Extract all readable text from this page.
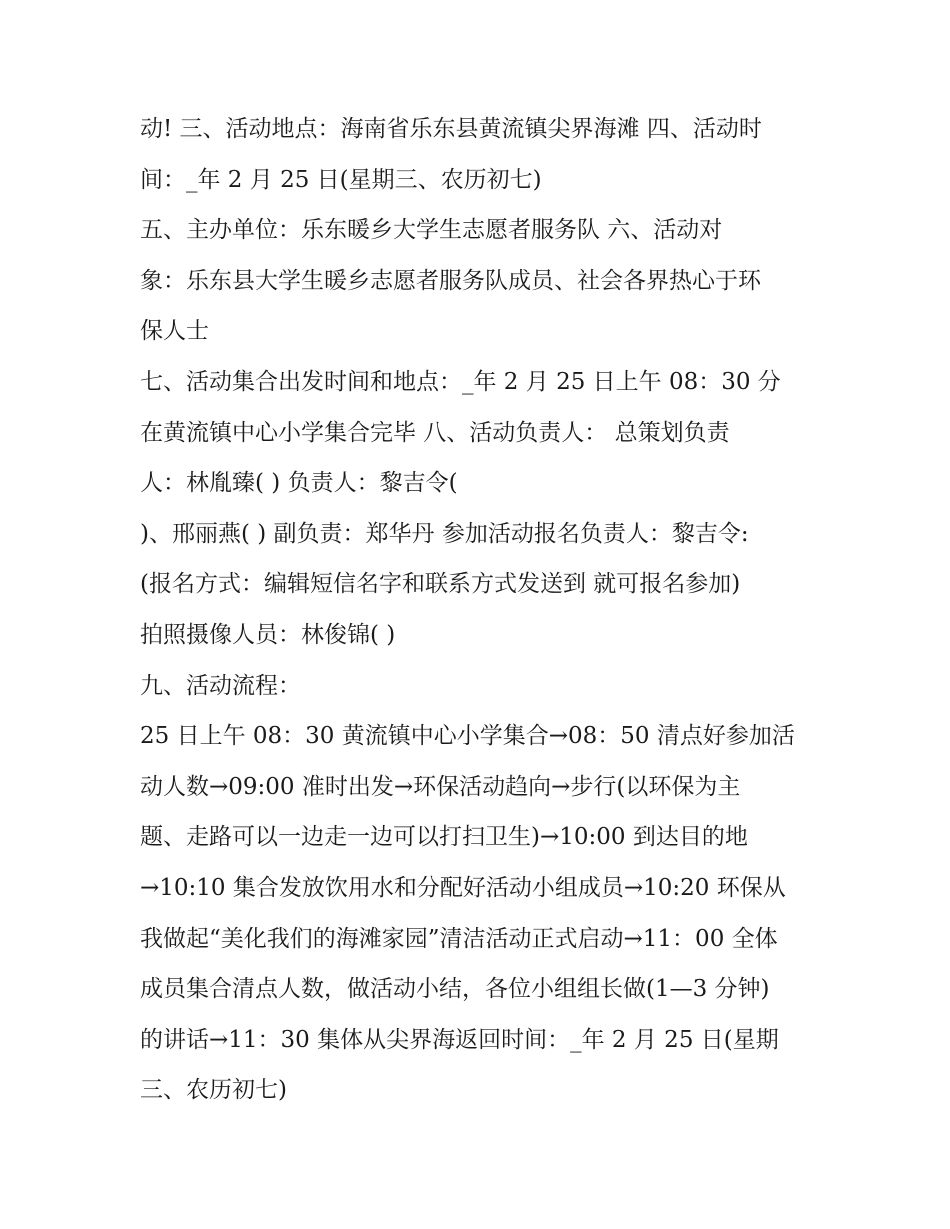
动! 三、活动地点：海南省乐东县黄流镇尖界海滩 四、活动时

间：_年 2 月 25 日(星期三、农历初七)

五、主办单位：乐东暖乡大学生志愿者服务队 六、活动对

象：乐东县大学生暖乡志愿者服务队成员、社会各界热心于环

保人士

七、活动集合出发时间和地点：_年 2 月 25 日上午 08：30 分

在黄流镇中心小学集合完毕 八、活动负责人： 总策划负责

人：林胤臻( ) 负责人：黎吉令(

)、邢丽燕( ) 副负责：郑华丹 参加活动报名负责人：黎吉令:

(报名方式：编辑短信名字和联系方式发送到 就可报名参加)

拍照摄像人员：林俊锦( )

九、活动流程：

25 日上午 08：30 黄流镇中心小学集合→08：50 清点好参加活

动人数→09:00 准时出发→环保活动趋向→步行(以环保为主

题、走路可以一边走一边可以打扫卫生)→10:00 到达目的地

→10:10 集合发放饮用水和分配好活动小组成员→10:20 环保从

我做起“美化我们的海滩家园”清洁活动正式启动→11：00 全体

成员集合清点人数，做活动小结，各位小组组长做(1—3 分钟)

的讲话→11：30 集体从尖界海返回时间：_年 2 月 25 日(星期

三、农历初七)
